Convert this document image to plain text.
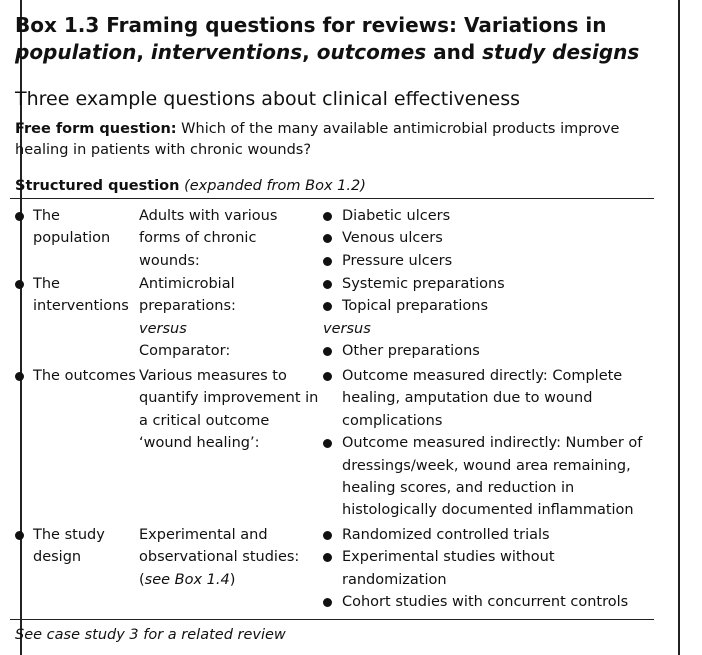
Box 1.3 Framing questions for reviews: Variations in population, interventions, outcomes and study designs
Three example questions about clinical effectiveness

Free form question: Which of the many available antimicrobial products improve healing in patients with chronic wounds?

Structured question (expanded from Box 1.2)

The population
Adults with various forms of chronic wounds:
Diabetic ulcers
Venous ulcers
Pressure ulcers
The interventions
Antimicrobial preparations:
versus
Comparator:
Systemic preparations
Topical preparations
versus
Other preparations
The outcomes Various measures to quantify improvement in a critical outcome ‘wound healing’:
Outcome measured directly: Complete healing, amputation due to wound complications
Outcome measured indirectly: Number of dressings/week, wound area remaining, healing scores, and reduction in histologically documented inflammation
The study design
Experimental and observational studies:
(see Box 1.4)
Randomized controlled trials
Experimental studies without randomization
Cohort studies with concurrent controls

See case study 3 for a related review
